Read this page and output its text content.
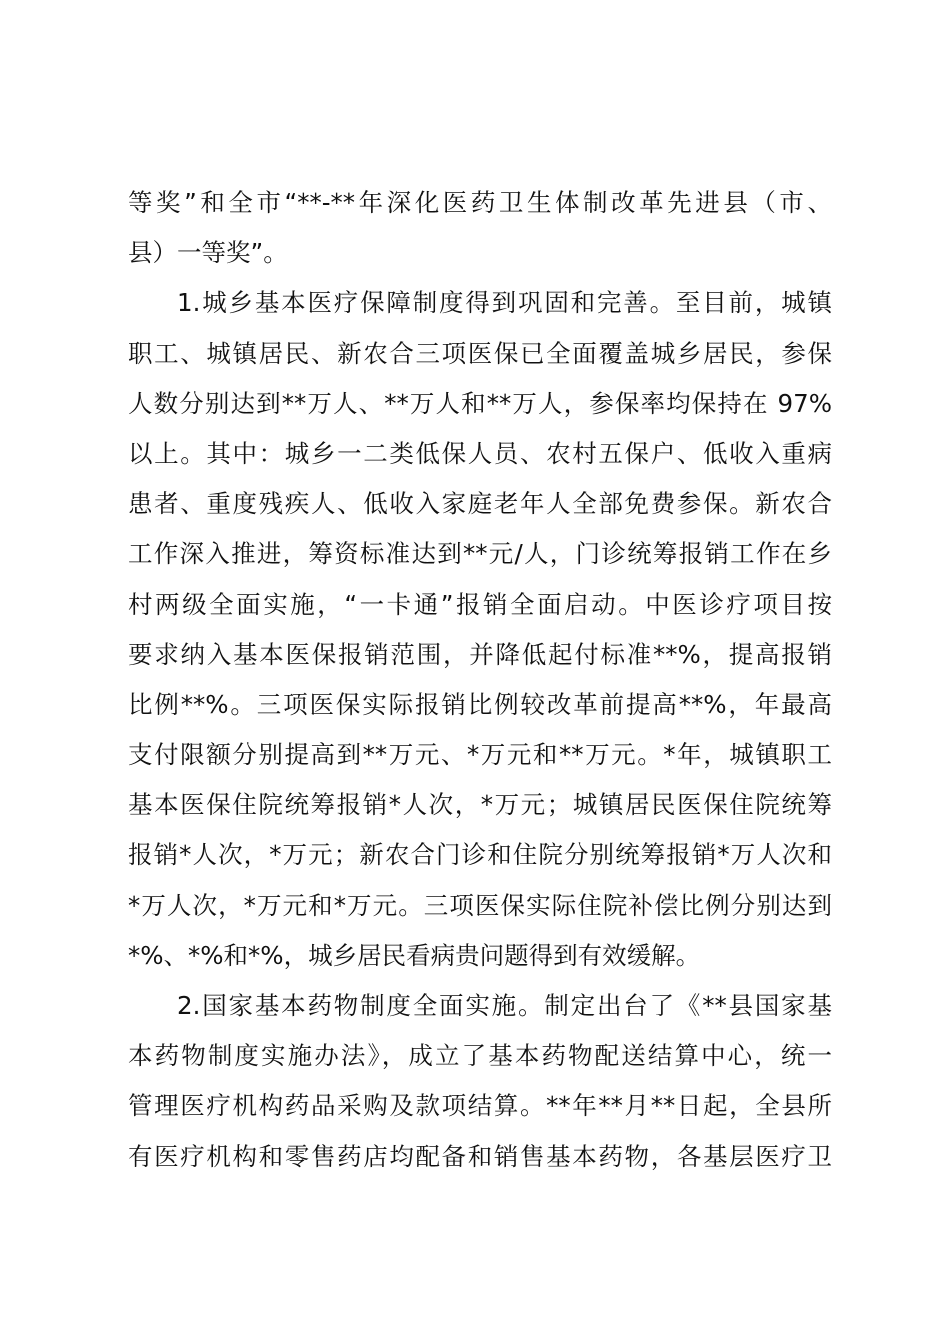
等奖”和全市“**-**年深化医药卫生体制改革先进县（市、
县）一等奖”。
1.城乡基本医疗保障制度得到巩固和完善。至目前，城镇
职工、城镇居民、新农合三项医保已全面覆盖城乡居民，参保
人数分别达到**万人、**万人和**万人，参保率均保持在 97%
以上。其中：城乡一二类低保人员、农村五保户、低收入重病
患者、重度残疾人、低收入家庭老年人全部免费参保。新农合
工作深入推进，筹资标准达到**元/人，门诊统筹报销工作在乡
村两级全面实施，“一卡通”报销全面启动。中医诊疗项目按
要求纳入基本医保报销范围，并降低起付标准**%，提高报销
比例**%。三项医保实际报销比例较改革前提高**%，年最高
支付限额分别提高到**万元、*万元和**万元。*年，城镇职工
基本医保住院统筹报销*人次，*万元；城镇居民医保住院统筹
报销*人次，*万元；新农合门诊和住院分别统筹报销*万人次和
*万人次，*万元和*万元。三项医保实际住院补偿比例分别达到
*%、*%和*%，城乡居民看病贵问题得到有效缓解。
2.国家基本药物制度全面实施。制定出台了《**县国家基
本药物制度实施办法》，成立了基本药物配送结算中心，统一
管理医疗机构药品采购及款项结算。**年**月**日起，全县所
有医疗机构和零售药店均配备和销售基本药物，各基层医疗卫
